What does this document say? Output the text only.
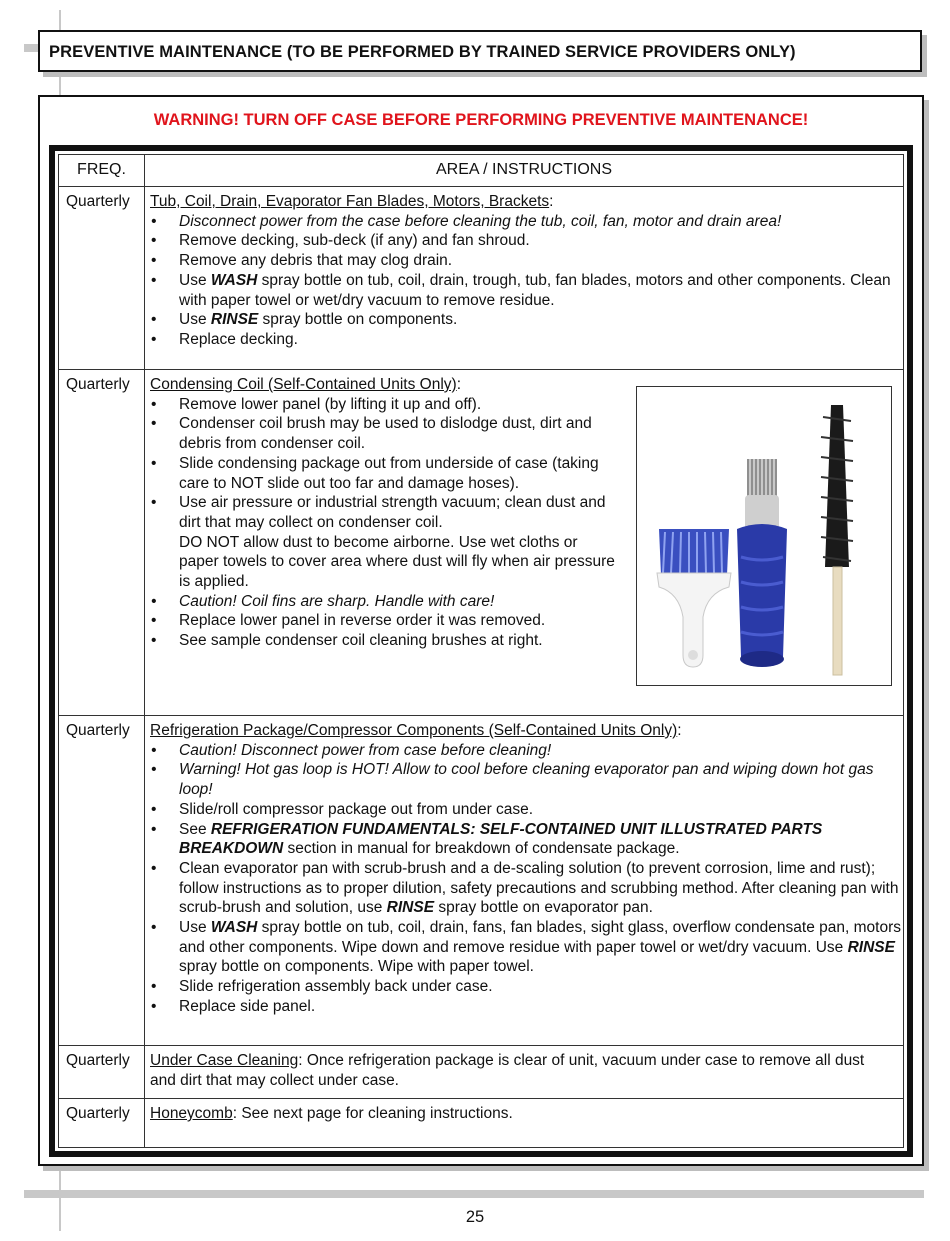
PREVENTIVE MAINTENANCE (TO BE PERFORMED BY TRAINED SERVICE PROVIDERS ONLY)
WARNING! TURN OFF CASE BEFORE PERFORMING PREVENTIVE MAINTENANCE!
FREQ.	AREA / INSTRUCTIONS
Quarterly Tub, Coil, Drain, Evaporator Fan Blades, Motors, Brackets:
• Disconnect power from the case before cleaning the tub, coil, fan, motor and drain area!
• Remove decking, sub-deck (if any) and fan shroud.
• Remove any debris that may clog drain.
• Use WASH spray bottle on tub, coil, drain, trough, tub, fan blades, motors and other components. Clean with paper towel or wet/dry vacuum to remove residue.
• Use RINSE spray bottle on components.
• Replace decking.
Quarterly Condensing Coil (Self-Contained Units Only):
• Remove lower panel (by lifting it up and off).
• Condenser coil brush may be used to dislodge dust, dirt and debris from condenser coil.
• Slide condensing package out from underside of case (taking care to NOT slide out too far and damage hoses).
• Use air pressure or industrial strength vacuum; clean dust and dirt that may collect on condenser coil.
DO NOT allow dust to become airborne. Use wet cloths or paper towels to cover area where dust will fly when air pressure is applied.
• Caution! Coil fins are sharp. Handle with care!
• Replace lower panel in reverse order it was removed.
• See sample condenser coil cleaning brushes at right.
Quarterly Refrigeration Package/Compressor Components (Self-Contained Units Only):
• Caution! Disconnect power from case before cleaning!
• Warning! Hot gas loop is HOT! Allow to cool before cleaning evaporator pan and wiping down hot gas loop!
• Slide/roll compressor package out from under case.
• See REFRIGERATION FUNDAMENTALS: SELF-CONTAINED UNIT ILLUSTRATED PARTS BREAKDOWN section in manual for breakdown of condensate package.
• Clean evaporator pan with scrub-brush and a de-scaling solution (to prevent corrosion, lime and rust); follow instructions as to proper dilution, safety precautions and scrubbing method. After cleaning pan with scrub-brush and solution, use RINSE spray bottle on evaporator pan.
• Use WASH spray bottle on tub, coil, drain, fans, fan blades, sight glass, overflow condensate pan, motors and other components. Wipe down and remove residue with paper towel or wet/dry vacuum. Use RINSE spray bottle on components. Wipe with paper towel.
• Slide refrigeration assembly back under case.
• Replace side panel.
Quarterly Under Case Cleaning: Once refrigeration package is clear of unit, vacuum under case to remove all dust and dirt that may collect under case.
Quarterly Honeycomb: See next page for cleaning instructions.
25
